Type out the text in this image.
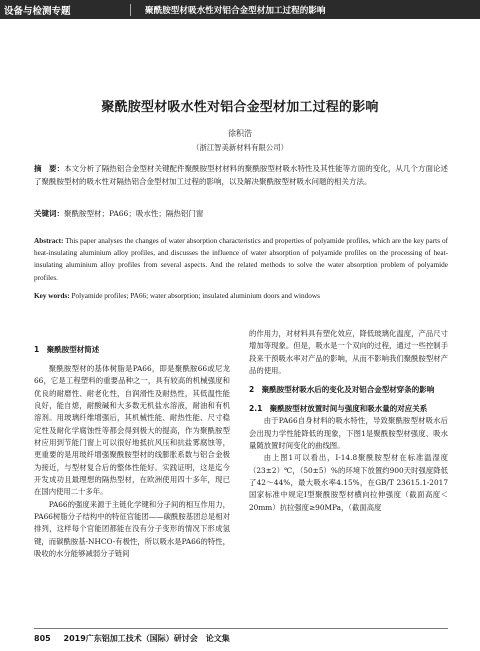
设备与检测专题	聚酰胺型材吸水性对铝合金型材加工过程的影响
聚酰胺型材吸水性对铝合金型材加工过程的影响
徐积浩
（浙江智美新材料有限公司）
摘　要：本文分析了隔热铝合金型材关键配件聚酰胺型材材料的聚酰胺型材吸水特性及其性能等方面的变化，从几个方面论述了聚酰胺型材的吸水性对隔热铝合金型材加工过程的影响，以及解决聚酰胺型材吸水问题的相关方法。
关键词：聚酰胺型材；PA66；吸水性；隔热铝门窗
Abstract: This paper analyses the changes of water absorption characteristics and properties of polyamide profiles, which are the key parts of heat-insulating aluminium alloy profiles, and discusses the influence of water absorption of polyamide profiles on the processing of heat-insulating aluminium alloy profiles from several aspects. And the related methods to solve the water absorption problem of polyamide profiles.
Key words: Polyamide profiles; PA66; water absorption; insulated aluminium doors and windows
1　聚酰胺型材简述

聚酰胺型材的基体树脂是PA66，即是聚酰胺66或尼龙66，它是工程塑料的重要品种之一，具有较高的机械强度和优良的耐磨性、耐老化性，自润滑性及耐热性，其低温性能良好，能自熄，耐酸碱和大多数无机盐水溶液，耐油和有机溶剂。用玻璃纤维增强后，其机械性能、耐热性能、尺寸稳定性及耐化学腐蚀性等都会得到极大的提高，作为聚酰胺型材应用到节能门窗上可以很好地抵抗风压和抗盐雾腐蚀等，更重要的是用玻纤增强聚酰胺型材的线膨胀系数与铝合金极为接近，与型材复合后的整体性能好。实践证明，这是迄今开发成功且最理想的隔热型材，在欧洲使用四十多年，现已在国内使用二十多年。

PA66的强度来源于主链化学键和分子间的相互作用力，PA66树脂分子结构中的特征官能团——碳酰胺基团总是相对排列，这样每个官能团都能在没有分子变形的情况下形成氢键，而碳酰胺基-NHCO-有极性，所以吸水是PA66的特性，吸收的水分能够减弱分子链间

的作用力，对材料具有塑化效应，降低玻璃化温度，产品尺寸增加等现象。但是，吸水是一个双向的过程，通过一些控制手段来干预吸水率对产品的影响，从而不影响我们聚酰胺型材产品的使用。

2　聚酰胺型材吸水后的变化及对铝合金型材穿条的影响
2.1　聚酰胺型材放置时间与强度和吸水量的对应关系

由于PA66自身材料的吸水特性，导致聚酰胺型材吸水后会出现力学性能降低的现象，下图1是聚酰胺型材强度、吸水量随放置时间变化的曲线图。

由上图1可以看出，I-14.8聚酰胺型材在标准温湿度（23±2）℃，（50±5）%的环境下放置约900天时强度降低了42～44%，最大吸水率4.15%，在GB/T 23615.1-2017国家标准中规定I型聚酰胺型材横向拉伸强度（截面高度＜20mm）抗拉强度≥90MPa，（截面高度

805 2019广东铝加工技术（国际）研讨会　论文集
